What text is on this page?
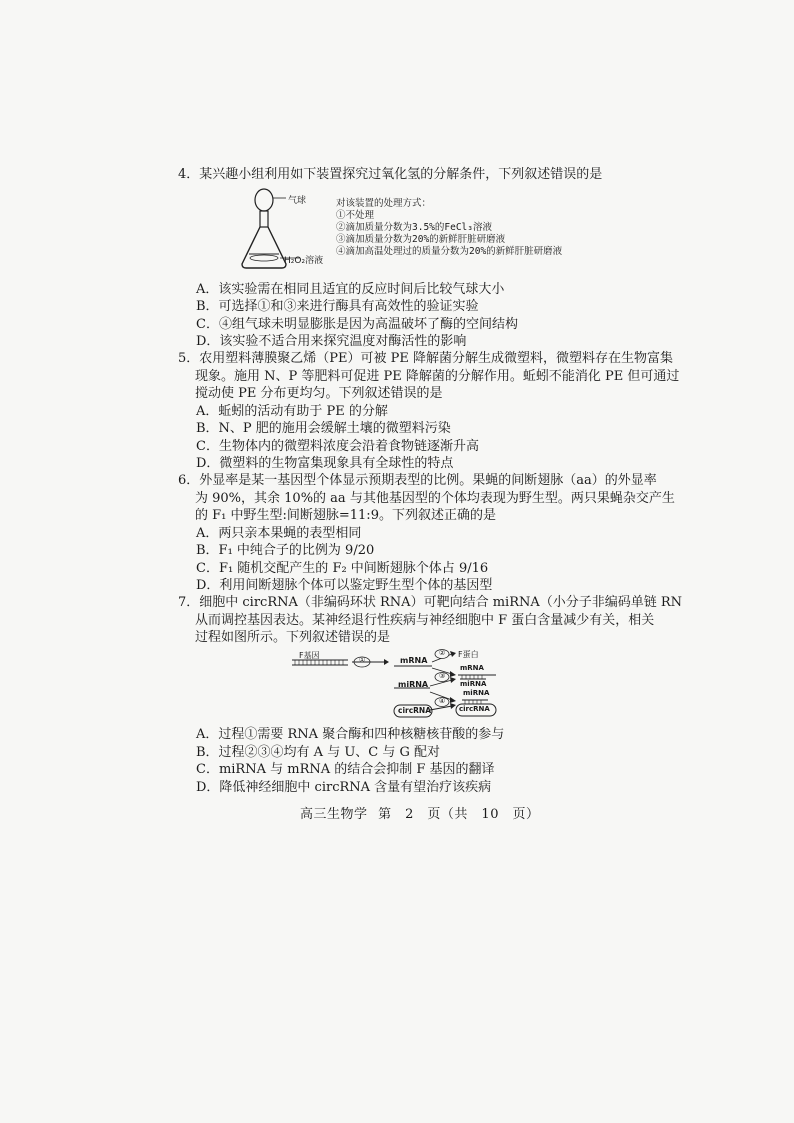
4．某兴趣小组利用如下装置探究过氧化氢的分解条件，下列叙述错误的是
气球
H₂O₂溶液
对该装置的处理方式：
①不处理
②滴加质量分数为3.5%的FeCl₃溶液
③滴加质量分数为20%的新鲜肝脏研磨液
④滴加高温处理过的质量分数为20%的新鲜肝脏研磨液
A．该实验需在相同且适宜的反应时间后比较气球大小
B．可选择①和③来进行酶具有高效性的验证实验
C．④组气球未明显膨胀是因为高温破坏了酶的空间结构
D．该实验不适合用来探究温度对酶活性的影响
5．农用塑料薄膜聚乙烯（PE）可被 PE 降解菌分解生成微塑料，微塑料存在生物富集
现象。施用 N、P 等肥料可促进 PE 降解菌的分解作用。蚯蚓不能消化 PE 但可通过
搅动使 PE 分布更均匀。下列叙述错误的是
A．蚯蚓的活动有助于 PE 的分解
B．N、P 肥的施用会缓解土壤的微塑料污染
C．生物体内的微塑料浓度会沿着食物链逐渐升高
D．微塑料的生物富集现象具有全球性的特点
6．外显率是某一基因型个体显示预期表型的比例。果蝇的间断翅脉（aa）的外显率
为 90%，其余 10%的 aa 与其他基因型的个体均表现为野生型。两只果蝇杂交产生
的 F₁ 中野生型:间断翅脉=11:9。下列叙述正确的是
A．两只亲本果蝇的表型相同
B．F₁ 中纯合子的比例为 9/20
C．F₁ 随机交配产生的 F₂ 中间断翅脉个体占 9/16
D．利用间断翅脉个体可以鉴定野生型个体的基因型
7．细胞中 circRNA（非编码环状 RNA）可靶向结合 miRNA（小分子非编码单链 RN
从而调控基因表达。某神经退行性疾病与神经细胞中 F 蛋白含量减少有关，相关
过程如图所示。下列叙述错误的是
F基因	①	mRNA
② F蛋白
③
miRNA
mRNA
miRNA
④
circRNA
miRNA
circRNA
A．过程①需要 RNA 聚合酶和四种核糖核苷酸的参与
B．过程②③④均有 A 与 U、C 与 G 配对
C．miRNA 与 mRNA 的结合会抑制 F 基因的翻译
D．降低神经细胞中 circRNA 含量有望治疗该疾病
高三生物学 第　2　页（共　10　页）
